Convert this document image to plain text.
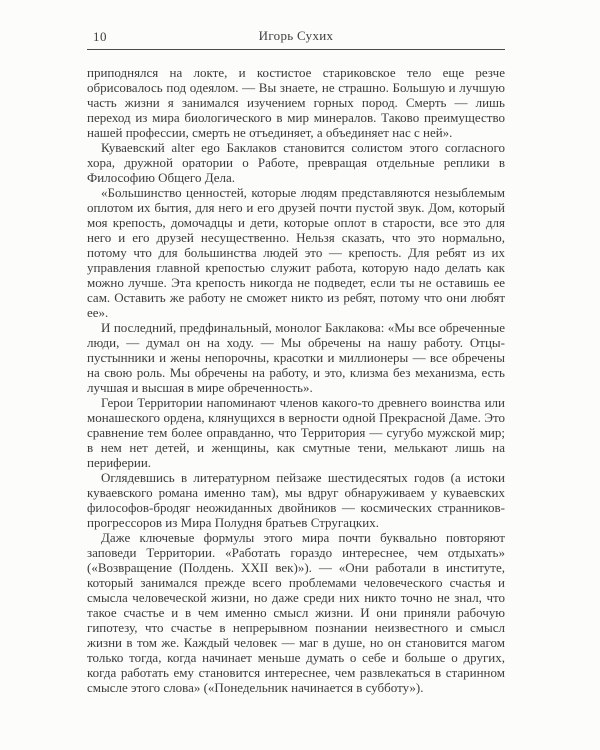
10	Игорь Сухих

приподнялся на локте, и костистое стариковское тело еще резче обрисовалось под одеялом. — Вы знаете, не страшно. Большую и лучшую часть жизни я занимался изучением горных пород. Смерть — лишь переход из мира биологического в мир минералов. Таково преимущество нашей профессии, смерть не отъединяет, а объединяет нас с ней».

Куваевский alter ego Баклаков становится солистом этого согласного хора, дружной оратории о Работе, превращая отдельные реплики в Философию Общего Дела.

«Большинство ценностей, которые людям представляются незыблемым оплотом их бытия, для него и его друзей почти пустой звук. Дом, который моя крепость, домочадцы и дети, которые оплот в старости, все это для него и его друзей несущественно. Нельзя сказать, что это нормально, потому что для большинства людей это — крепость. Для ребят из их управления главной крепостью служит работа, которую надо делать как можно лучше. Эта крепость никогда не подведет, если ты не оставишь ее сам. Оставить же работу не сможет никто из ребят, потому что они любят ее».

И последний, предфинальный, монолог Баклакова: «Мы все обреченные люди, — думал он на ходу. — Мы обречены на нашу работу. Отцы-пустынники и жены непорочны, красотки и миллионеры — все обречены на свою роль. Мы обречены на работу, и это, клизма без механизма, есть лучшая и высшая в мире обреченность».

Герои Территории напоминают членов какого-то древнего воинства или монашеского ордена, клянущихся в верности одной Прекрасной Даме. Это сравнение тем более оправданно, что Территория — сугубо мужской мир; в нем нет детей, и женщины, как смутные тени, мелькают лишь на периферии.

Оглядевшись в литературном пейзаже шестидесятых годов (а истоки куваевского романа именно там), мы вдруг обнаруживаем у куваевских философов-бродяг неожиданных двойников — космических странников-прогрессоров из Мира Полудня братьев Стругацких.

Даже ключевые формулы этого мира почти буквально повторяют заповеди Территории. «Работать гораздо интереснее, чем отдыхать» («Возвращение (Полдень. XXII век)»). — «Они работали в институте, который занимался прежде всего проблемами человеческого счастья и смысла человеческой жизни, но даже среди них никто точно не знал, что такое счастье и в чем именно смысл жизни. И они приняли рабочую гипотезу, что счастье в непрерывном познании неизвестного и смысл жизни в том же. Каждый человек — маг в душе, но он становится магом только тогда, когда начинает меньше думать о себе и больше о других, когда работать ему становится интереснее, чем развлекаться в старинном смысле этого слова» («Понедельник начинается в субботу»).
